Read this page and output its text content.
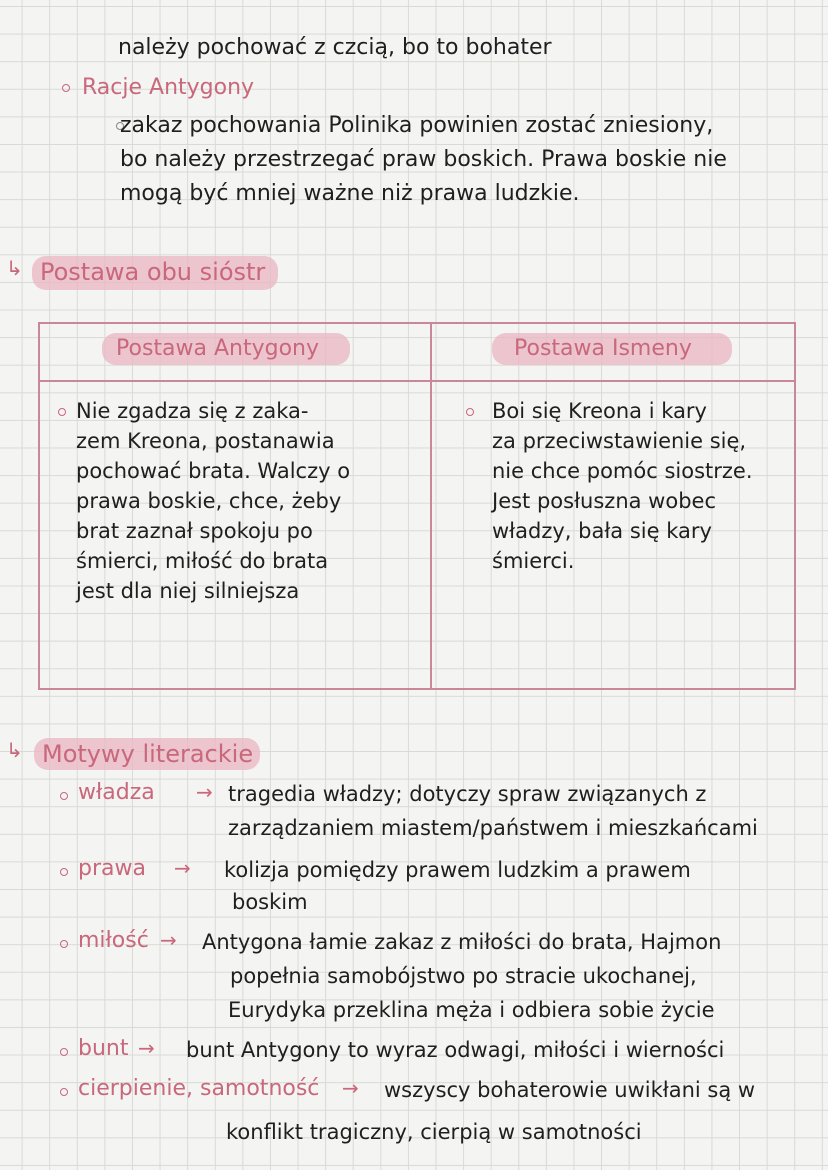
należy pochować z czcią, bo to bohater
Racje Antygony
zakaz pochowania Polinika powinien zostać zniesiony,
bo należy przestrzegać praw boskich. Prawa boskie nie
mogą być mniej ważne niż prawa ludzkie.
↳ Postawa obu sióstr
Postawa Antygony	Postawa Ismeny
Nie zgadza się z zaka-
zem Kreona, postanawia
pochować brata. Walczy o
prawa boskie, chce, żeby
brat zaznał spokoju po
śmierci, miłość do brata
jest dla niej silniejsza
Boi się Kreona i kary
za przeciwstawienie się,
nie chce pomóc siostrze.
Jest posłuszna wobec
władzy, bała się kary
śmierci.
↳ Motywy literackie
władza → tragedia władzy; dotyczy spraw związanych z
zarządzaniem miastem/państwem i mieszkańcami
prawa → kolizja pomiędzy prawem ludzkim a prawem
boskim
miłość → Antygona łamie zakaz z miłości do brata, Hajmon
popełnia samobójstwo po stracie ukochanej,
Eurydyka przeklina męża i odbiera sobie życie
bunt → bunt Antygony to wyraz odwagi, miłości i wierności
cierpienie, samotność → wszyscy bohaterowie uwikłani są w
konflikt tragiczny, cierpią w samotności
